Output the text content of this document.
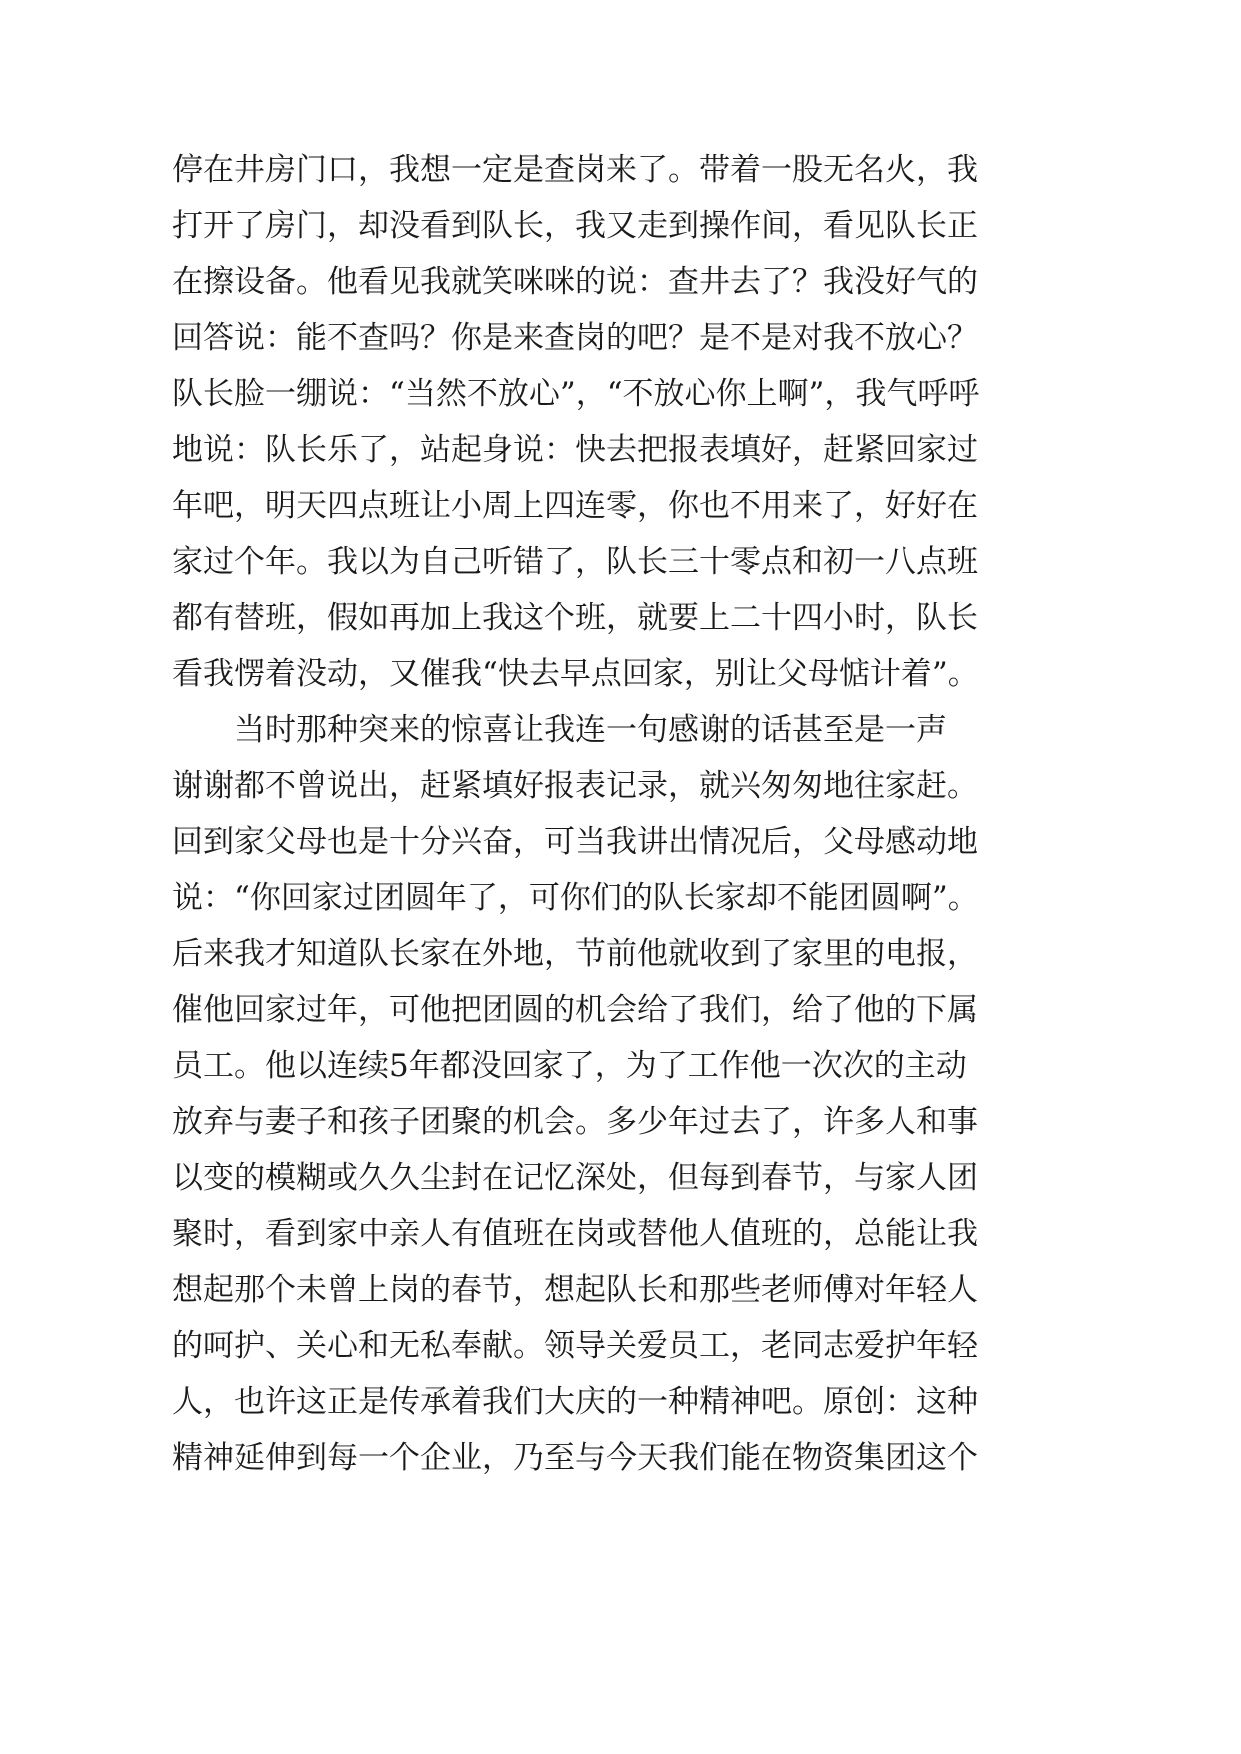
停在井房门口，我想一定是查岗来了。带着一股无名火，我
打开了房门，却没看到队长，我又走到操作间，看见队长正
在擦设备。他看见我就笑咪咪的说：查井去了？我没好气的
回答说：能不查吗？你是来查岗的吧？是不是对我不放心？
队长脸一绷说：“当然不放心”，“不放心你上啊”，我气呼呼
地说：队长乐了，站起身说：快去把报表填好，赶紧回家过
年吧，明天四点班让小周上四连零，你也不用来了，好好在
家过个年。我以为自己听错了，队长三十零点和初一八点班
都有替班，假如再加上我这个班，就要上二十四小时，队长
看我愣着没动，又催我“快去早点回家，别让父母惦计着”。
当时那种突来的惊喜让我连一句感谢的话甚至是一声
谢谢都不曾说出，赶紧填好报表记录，就兴匆匆地往家赶。
回到家父母也是十分兴奋，可当我讲出情况后，父母感动地
说：“你回家过团圆年了，可你们的队长家却不能团圆啊”。
后来我才知道队长家在外地，节前他就收到了家里的电报，
催他回家过年，可他把团圆的机会给了我们，给了他的下属
员工。他以连续5年都没回家了，为了工作他一次次的主动
放弃与妻子和孩子团聚的机会。多少年过去了，许多人和事
以变的模糊或久久尘封在记忆深处，但每到春节，与家人团
聚时，看到家中亲人有值班在岗或替他人值班的，总能让我
想起那个未曾上岗的春节，想起队长和那些老师傅对年轻人
的呵护、关心和无私奉献。领导关爱员工，老同志爱护年轻
人，也许这正是传承着我们大庆的一种精神吧。原创：这种
精神延伸到每一个企业，乃至与今天我们能在物资集团这个
